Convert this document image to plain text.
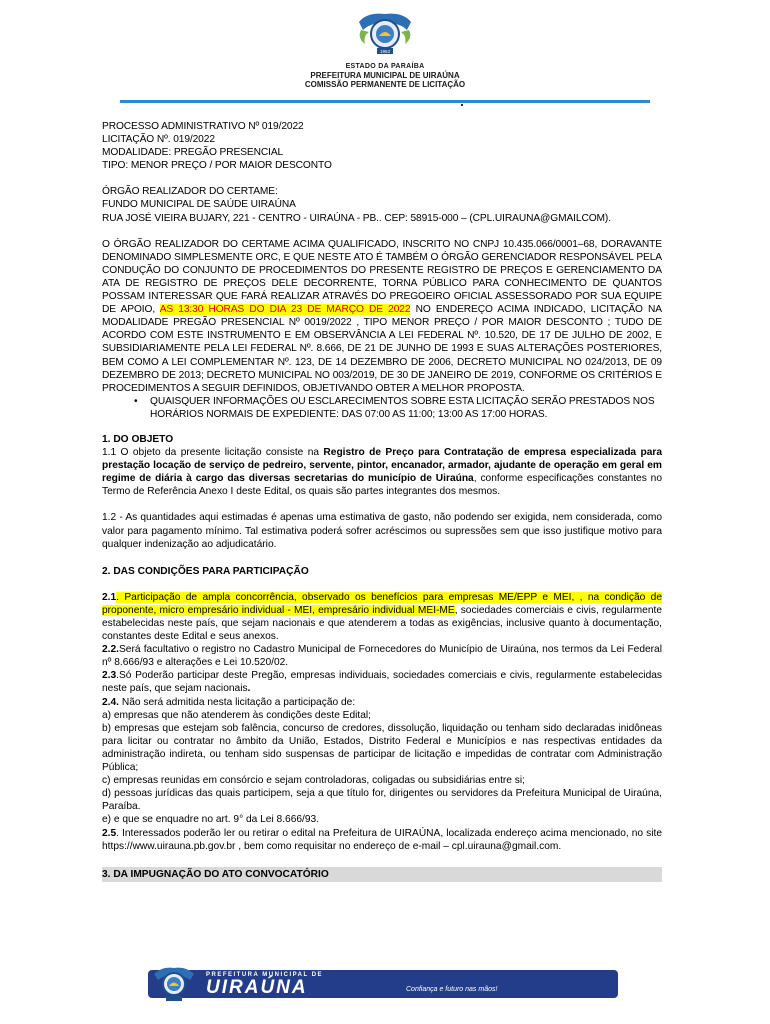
1953
ESTADO DA PARAÍBA
PREFEITURA MUNICIPAL DE UIRAÚNA
COMISSÃO PERMANENTE DE LICITAÇÃO

PROCESSO ADMINISTRATIVO Nº 019/2022

LICITAÇÃO Nº. 019/2022

MODALIDADE: PREGÃO PRESENCIAL

TIPO: MENOR PREÇO / POR MAIOR DESCONTO

ÓRGÃO REALIZADOR DO CERTAME:

FUNDO MUNICIPAL DE SAÚDE UIRAÚNA

RUA JOSÉ VIEIRA BUJARY, 221 - CENTRO - UIRAÚNA - PB.. CEP: 58915-000 – (CPL.UIRAUNA@GMAILCOM).

O ÓRGÃO REALIZADOR DO CERTAME ACIMA QUALIFICADO, INSCRITO NO CNPJ 10.435.066/0001–68, DORAVANTE DENOMINADO SIMPLESMENTE ORC, E QUE NESTE ATO É TAMBÉM O ÓRGÃO GERENCIADOR RESPONSÁVEL PELA CONDUÇÃO DO CONJUNTO DE PROCEDIMENTOS DO PRESENTE REGISTRO DE PREÇOS E GERENCIAMENTO DA ATA DE REGISTRO DE PREÇOS DELE DECORRENTE, TORNA PÚBLICO PARA CONHECIMENTO DE QUANTOS POSSAM INTERESSAR QUE FARÁ REALIZAR ATRAVÉS DO PREGOEIRO OFICIAL ASSESSORADO POR SUA EQUIPE DE APOIO, AS 13:30 HORAS DO DIA 23 DE MARÇO DE 2022 NO ENDEREÇO ACIMA INDICADO, LICITAÇÃO NA MODALIDADE PREGÃO PRESENCIAL Nº 0019/2022 , TIPO MENOR PREÇO / POR MAIOR DESCONTO ; TUDO DE ACORDO COM ESTE INSTRUMENTO E EM OBSERVÂNCIA A LEI FEDERAL Nº. 10.520, DE 17 DE JULHO DE 2002, E SUBSIDIARIAMENTE PELA LEI FEDERAL Nº. 8.666, DE 21 DE JUNHO DE 1993 E SUAS ALTERAÇÕES POSTERIORES, BEM COMO A LEI COMPLEMENTAR Nº. 123, DE 14 DEZEMBRO DE 2006, DECRETO MUNICIPAL NO 024/2013, DE 09 DEZEMBRO DE 2013; DECRETO MUNICIPAL NO 003/2019, DE 30 DE JANEIRO DE 2019, CONFORME OS CRITÉRIOS E PROCEDIMENTOS A SEGUIR DEFINIDOS, OBJETIVANDO OBTER A MELHOR PROPOSTA.

• QUAISQUER INFORMAÇÕES OU ESCLARECIMENTOS SOBRE ESTA LICITAÇÃO SERÃO PRESTADOS NOS HORÁRIOS NORMAIS DE EXPEDIENTE: DAS 07:00 AS 11:00; 13:00 AS 17:00 HORAS.

1. DO OBJETO

1.1 O objeto da presente licitação consiste na Registro de Preço para Contratação de empresa especializada para prestação locação de serviço de pedreiro, servente, pintor, encanador, armador, ajudante de operação em geral em regime de diária à cargo das diversas secretarias do município de Uiraúna, conforme especificações constantes no Termo de Referência Anexo I deste Edital, os quais são partes integrantes dos mesmos.

1.2 - As quantidades aqui estimadas é apenas uma estimativa de gasto, não podendo ser exigida, nem considerada, como valor para pagamento mínimo. Tal estimativa poderá sofrer acréscimos ou supressões sem que isso justifique motivo para qualquer indenização ao adjudicatário.

2. DAS CONDIÇÕES PARA PARTICIPAÇÃO

2.1. Participação de ampla concorrência, observado os benefícios para empresas ME/EPP e MEI, , na condição de proponente, micro empresário individual - MEI, empresário individual MEI-ME, sociedades comerciais e civis, regularmente estabelecidas neste país, que sejam nacionais e que atenderem a todas as exigências, inclusive quanto à documentação, constantes deste Edital e seus anexos.

2.2.Será facultativo o registro no Cadastro Municipal de Fornecedores do Município de Uiraúna, nos termos da Lei Federal nº 8.666/93 e alterações e Lei 10.520/02.

2.3.Só Poderão participar deste Pregão, empresas individuais, sociedades comerciais e civis, regularmente estabelecidas neste país, que sejam nacionais.

2.4. Não será admitida nesta licitação a participação de:

a) empresas que não atenderem às condições deste Edital;

b) empresas que estejam sob falência, concurso de credores, dissolução, liquidação ou tenham sido declaradas inidôneas para licitar ou contratar no âmbito da União, Estados, Distrito Federal e Municípios e nas respectivas entidades da administração indireta, ou tenham sido suspensas de participar de licitação e impedidas de contratar com Administração Pública;

c) empresas reunidas em consórcio e sejam controladoras, coligadas ou subsidiárias entre si;

d) pessoas jurídicas das quais participem, seja a que título for, dirigentes ou servidores da Prefeitura Municipal de Uiraúna, Paraíba.

e) e que se enquadre no art. 9° da Lei 8.666/93.

2.5. Interessados poderão ler ou retirar o edital na Prefeitura de UIRAÚNA, localizada endereço acima mencionado, no site https://www.uirauna.pb.gov.br , bem como requisitar no endereço de e-mail – cpl.uirauna@gmail.com.

3. DA IMPUGNAÇÃO DO ATO CONVOCATÓRIO

PREFEITURA MUNICIPAL DE
UIRAÚNA	Confiança e futuro nas mãos!
